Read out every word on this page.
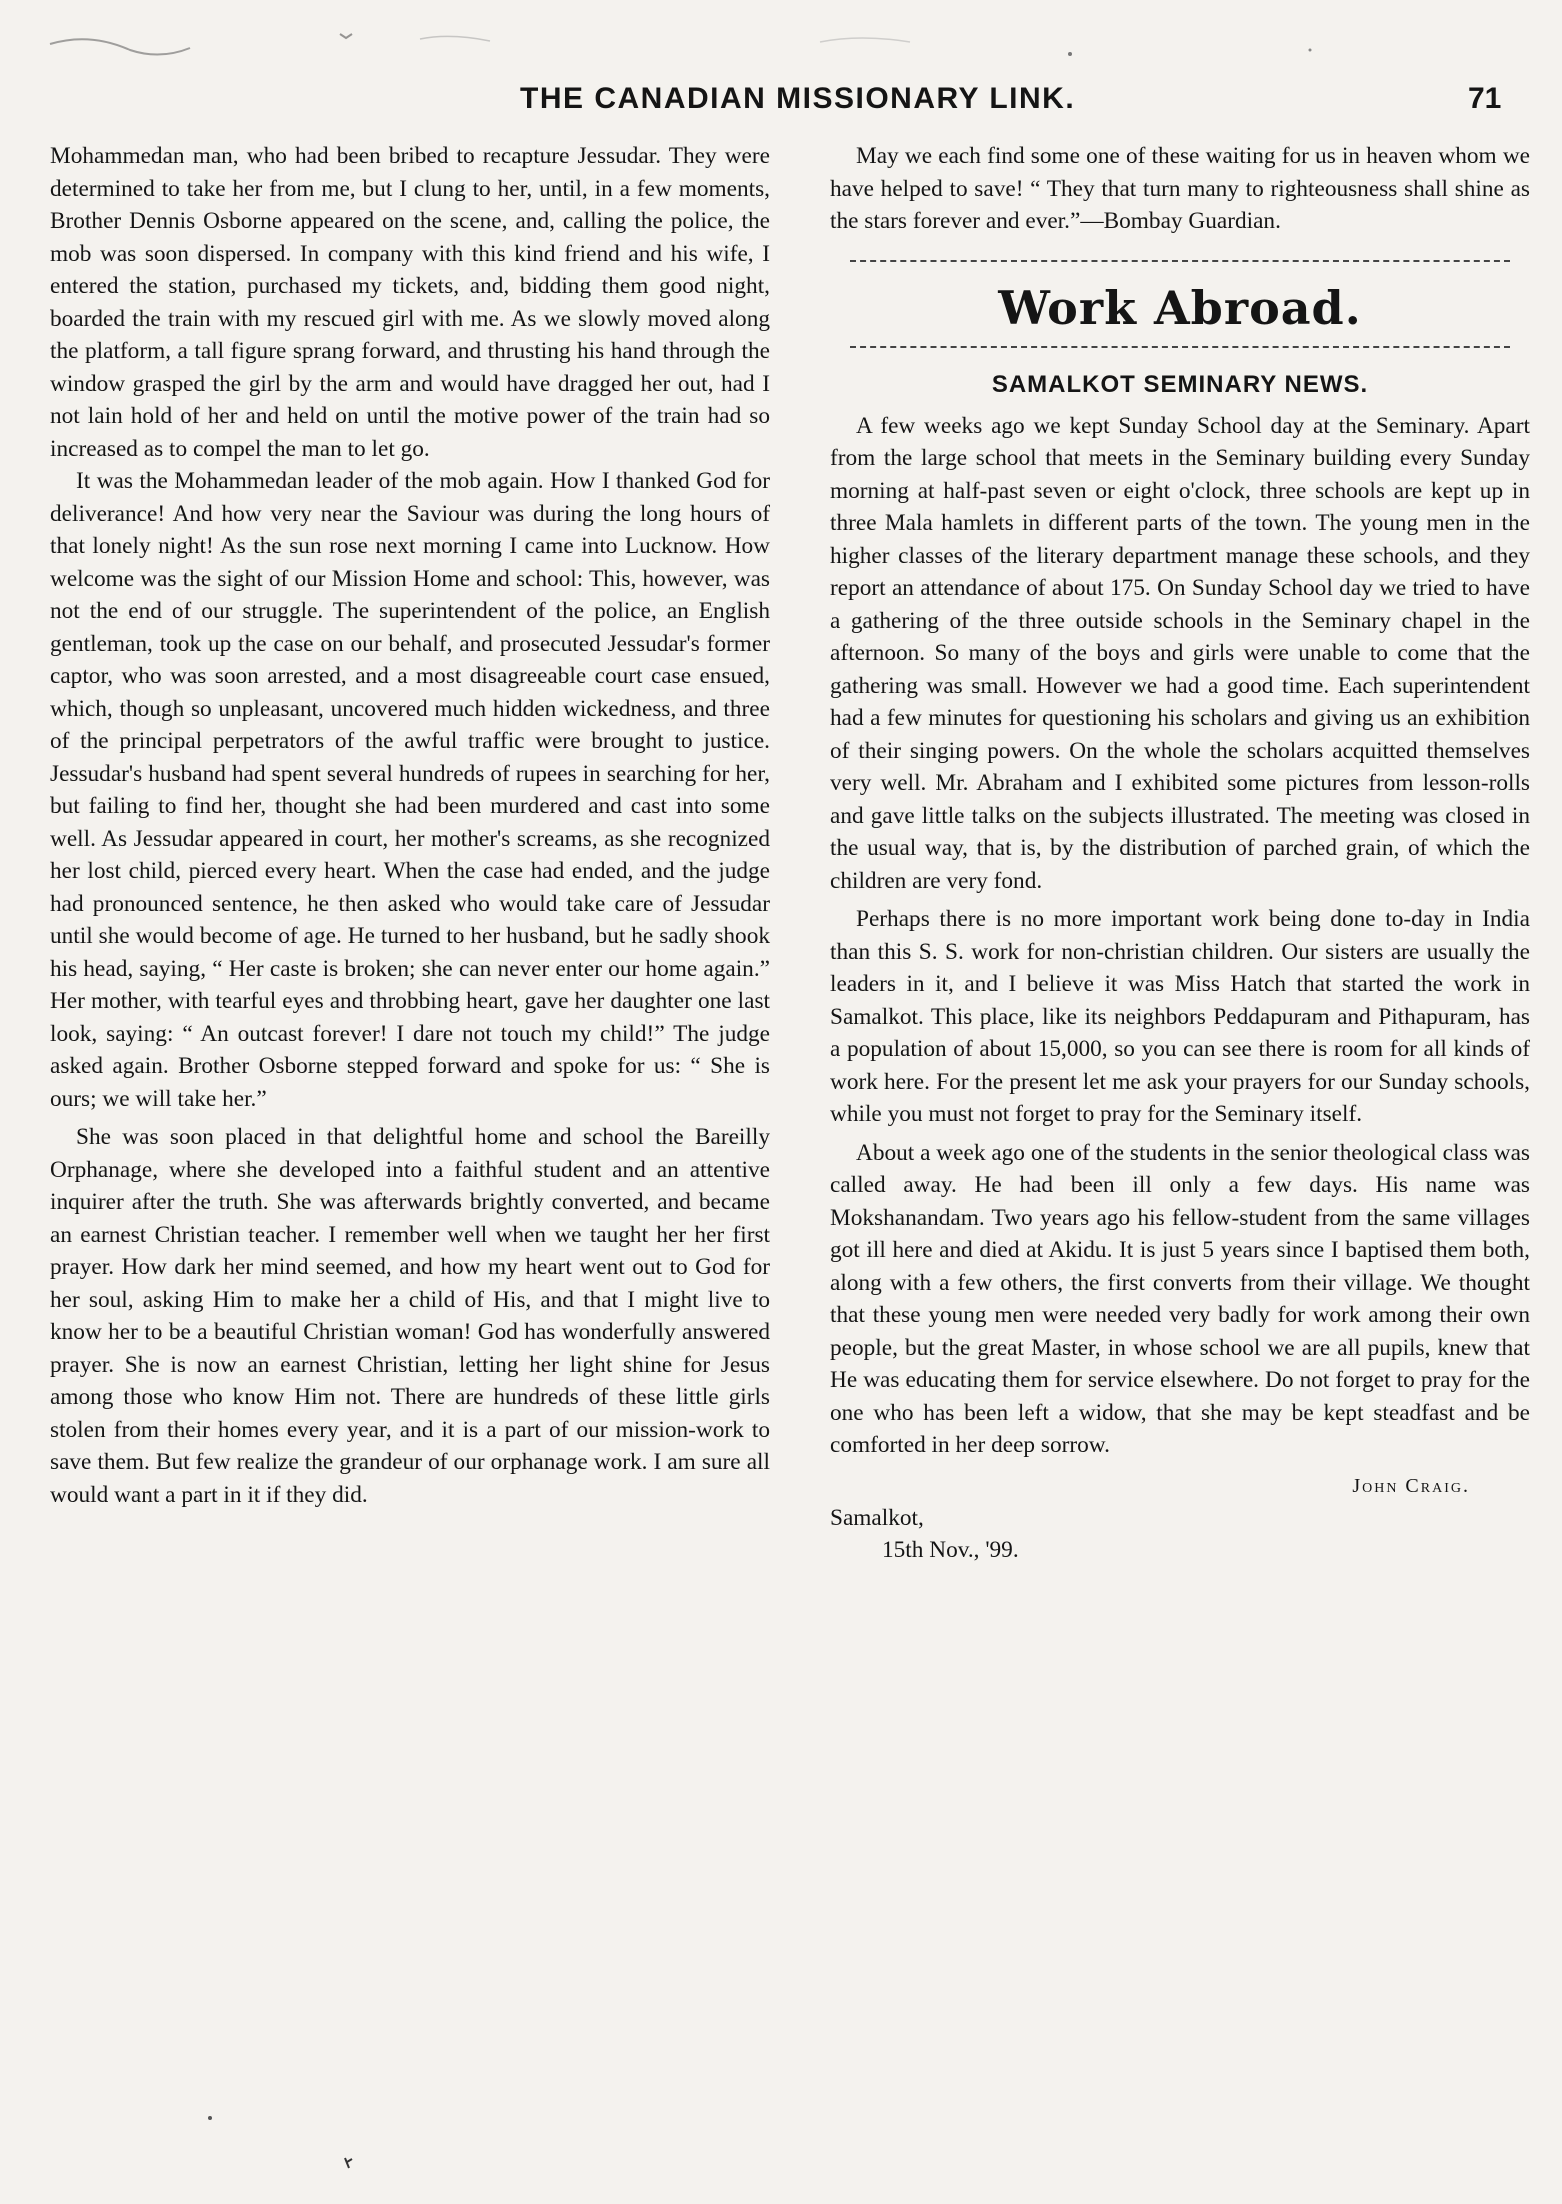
THE CANADIAN MISSIONARY LINK.	71

Mohammedan man, who had been bribed to recapture Jessudar. They were determined to take her from me, but I clung to her, until, in a few moments, Brother Dennis Osborne appeared on the scene, and, calling the police, the mob was soon dispersed. In company with this kind friend and his wife, I entered the station, purchased my tickets, and, bidding them good night, boarded the train with my rescued girl with me. As we slowly moved along the platform, a tall figure sprang forward, and thrusting his hand through the window grasped the girl by the arm and would have dragged her out, had I not lain hold of her and held on until the motive power of the train had so increased as to compel the man to let go.

It was the Mohammedan leader of the mob again. How I thanked God for deliverance! And how very near the Saviour was during the long hours of that lonely night! As the sun rose next morning I came into Lucknow. How welcome was the sight of our Mission Home and school: This, however, was not the end of our struggle. The superintendent of the police, an English gentleman, took up the case on our behalf, and prosecuted Jessudar's former captor, who was soon arrested, and a most disagreeable court case ensued, which, though so unpleasant, uncovered much hidden wickedness, and three of the principal perpetrators of the awful traffic were brought to justice. Jessudar's husband had spent several hundreds of rupees in searching for her, but failing to find her, thought she had been murdered and cast into some well. As Jessudar appeared in court, her mother's screams, as she recognized her lost child, pierced every heart. When the case had ended, and the judge had pronounced sentence, he then asked who would take care of Jessudar until she would become of age. He turned to her husband, but he sadly shook his head, saying, “ Her caste is broken; she can never enter our home again.” Her mother, with tearful eyes and throbbing heart, gave her daughter one last look, saying: “ An outcast forever! I dare not touch my child!” The judge asked again. Brother Osborne stepped forward and spoke for us: “ She is ours; we will take her.”

She was soon placed in that delightful home and school the Bareilly Orphanage, where she developed into a faithful student and an attentive inquirer after the truth. She was afterwards brightly converted, and became an earnest Christian teacher. I remember well when we taught her her first prayer. How dark her mind seemed, and how my heart went out to God for her soul, asking Him to make her a child of His, and that I might live to know her to be a beautiful Christian woman! God has wonderfully answered prayer. She is now an earnest Christian, letting her light shine for Jesus among those who know Him not. There are hundreds of these little girls stolen from their homes every year, and it is a part of our mission-work to save them. But few realize the grandeur of our orphanage work. I am sure all would want a part in it if they did.

May we each find some one of these waiting for us in heaven whom we have helped to save! “ They that turn many to righteousness shall shine as the stars forever and ever.”—Bombay Guardian.

Work Abroad.
SAMALKOT SEMINARY NEWS.

A few weeks ago we kept Sunday School day at the Seminary. Apart from the large school that meets in the Seminary building every Sunday morning at half-past seven or eight o'clock, three schools are kept up in three Mala hamlets in different parts of the town. The young men in the higher classes of the literary department manage these schools, and they report an attendance of about 175. On Sunday School day we tried to have a gathering of the three outside schools in the Seminary chapel in the afternoon. So many of the boys and girls were unable to come that the gathering was small. However we had a good time. Each superintendent had a few minutes for questioning his scholars and giving us an exhibition of their singing powers. On the whole the scholars acquitted themselves very well. Mr. Abraham and I exhibited some pictures from lesson-rolls and gave little talks on the subjects illustrated. The meeting was closed in the usual way, that is, by the distribution of parched grain, of which the children are very fond.

Perhaps there is no more important work being done to-day in India than this S. S. work for non-christian children. Our sisters are usually the leaders in it, and I believe it was Miss Hatch that started the work in Samalkot. This place, like its neighbors Peddapuram and Pithapuram, has a population of about 15,000, so you can see there is room for all kinds of work here. For the present let me ask your prayers for our Sunday schools, while you must not forget to pray for the Seminary itself.

About a week ago one of the students in the senior theological class was called away. He had been ill only a few days. His name was Mokshanandam. Two years ago his fellow-student from the same villages got ill here and died at Akidu. It is just 5 years since I baptised them both, along with a few others, the first converts from their village. We thought that these young men were needed very badly for work among their own people, but the great Master, in whose school we are all pupils, knew that He was educating them for service elsewhere. Do not forget to pray for the one who has been left a widow, that she may be kept steadfast and be comforted in her deep sorrow.

John Craig.
Samalkot,
15th Nov., '99.
